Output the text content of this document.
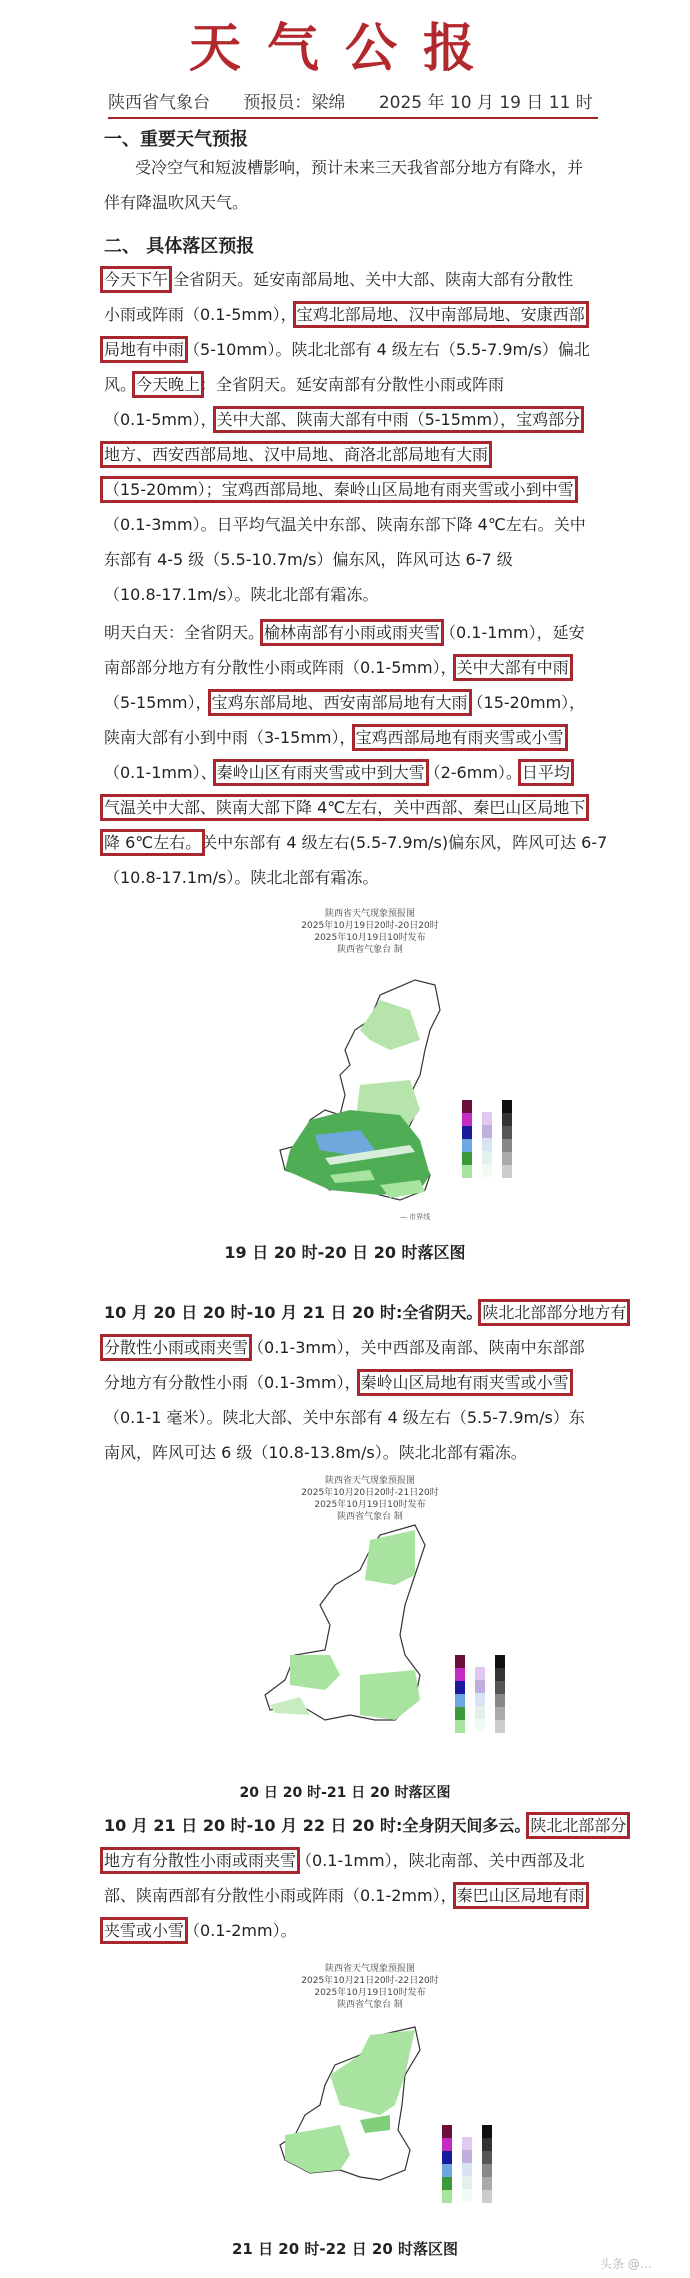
天气公报
陕西省气象台 预报员：梁绵 2025 年 10 月 19 日 11 时
一、重要天气预报
受冷空气和短波槽影响，预计未来三天我省部分地方有降水，并
伴有降温吹风天气。
二、 具体落区预报
今天下午 全省阴天。延安南部局地、关中大部、陕南大部有分散性
小雨或阵雨（0.1-5mm），宝鸡北部局地、汉中南部局地、安康西部
局地有中雨（5-10mm）。陕北北部有 4 级左右（5.5-7.9m/s）偏北
风。今天晚上：全省阴天。延安南部有分散性小雨或阵雨
（0.1-5mm），关中大部、陕南大部有中雨（5-15mm），宝鸡部分
地方、西安西部局地、汉中局地、商洛北部局地有大雨
（15-20mm）；宝鸡西部局地、秦岭山区局地有雨夹雪或小到中雪
（0.1-3mm）。日平均气温关中东部、陕南东部下降 4℃左右。关中
东部有 4-5 级（5.5-10.7m/s）偏东风，阵风可达 6-7 级
（10.8-17.1m/s）。陕北北部有霜冻。
明天白天：全省阴天。榆林南部有小雨或雨夹雪（0.1-1mm），延安
南部部分地方有分散性小雨或阵雨（0.1-5mm），关中大部有中雨
（5-15mm），宝鸡东部局地、西安南部局地有大雨（15-20mm），
陕南大部有小到中雨（3-15mm），宝鸡西部局地有雨夹雪或小雪
（0.1-1mm）、秦岭山区有雨夹雪或中到大雪（2-6mm）。日平均
气温关中大部、陕南大部下降 4℃左右，关中西部、秦巴山区局地下
降 6℃左右。关中东部有 4 级左右(5.5-7.9m/s)偏东风，阵风可达 6-7
（10.8-17.1m/s）。陕北北部有霜冻。
陕西省天气现象预报图
2025年10月19日20时-20日20时
2025年10月19日10时发布
陕西省气象台 制
— 市界线
19 日 20 时-20 日 20 时落区图
10 月 20 日 20 时-10 月 21 日 20 时:全省阴天。陕北北部部分地方有
分散性小雨或雨夹雪（0.1-3mm），关中西部及南部、陕南中东部部
分地方有分散性小雨（0.1-3mm），秦岭山区局地有雨夹雪或小雪
（0.1-1 毫米）。陕北大部、关中东部有 4 级左右（5.5-7.9m/s）东
南风，阵风可达 6 级（10.8-13.8m/s）。陕北北部有霜冻。
陕西省天气现象预报图
2025年10月20日20时-21日20时
2025年10月19日10时发布
陕西省气象台 制
20 日 20 时-21 日 20 时落区图
10 月 21 日 20 时-10 月 22 日 20 时:全身阴天间多云。陕北北部部分
地方有分散性小雨或雨夹雪（0.1-1mm），陕北南部、关中西部及北
部、陕南西部有分散性小雨或阵雨（0.1-2mm），秦巴山区局地有雨
夹雪或小雪（0.1-2mm）。
陕西省天气现象预报图
2025年10月21日20时-22日20时
2025年10月19日10时发布
陕西省气象台 制
21 日 20 时-22 日 20 时落区图
头条 @…
